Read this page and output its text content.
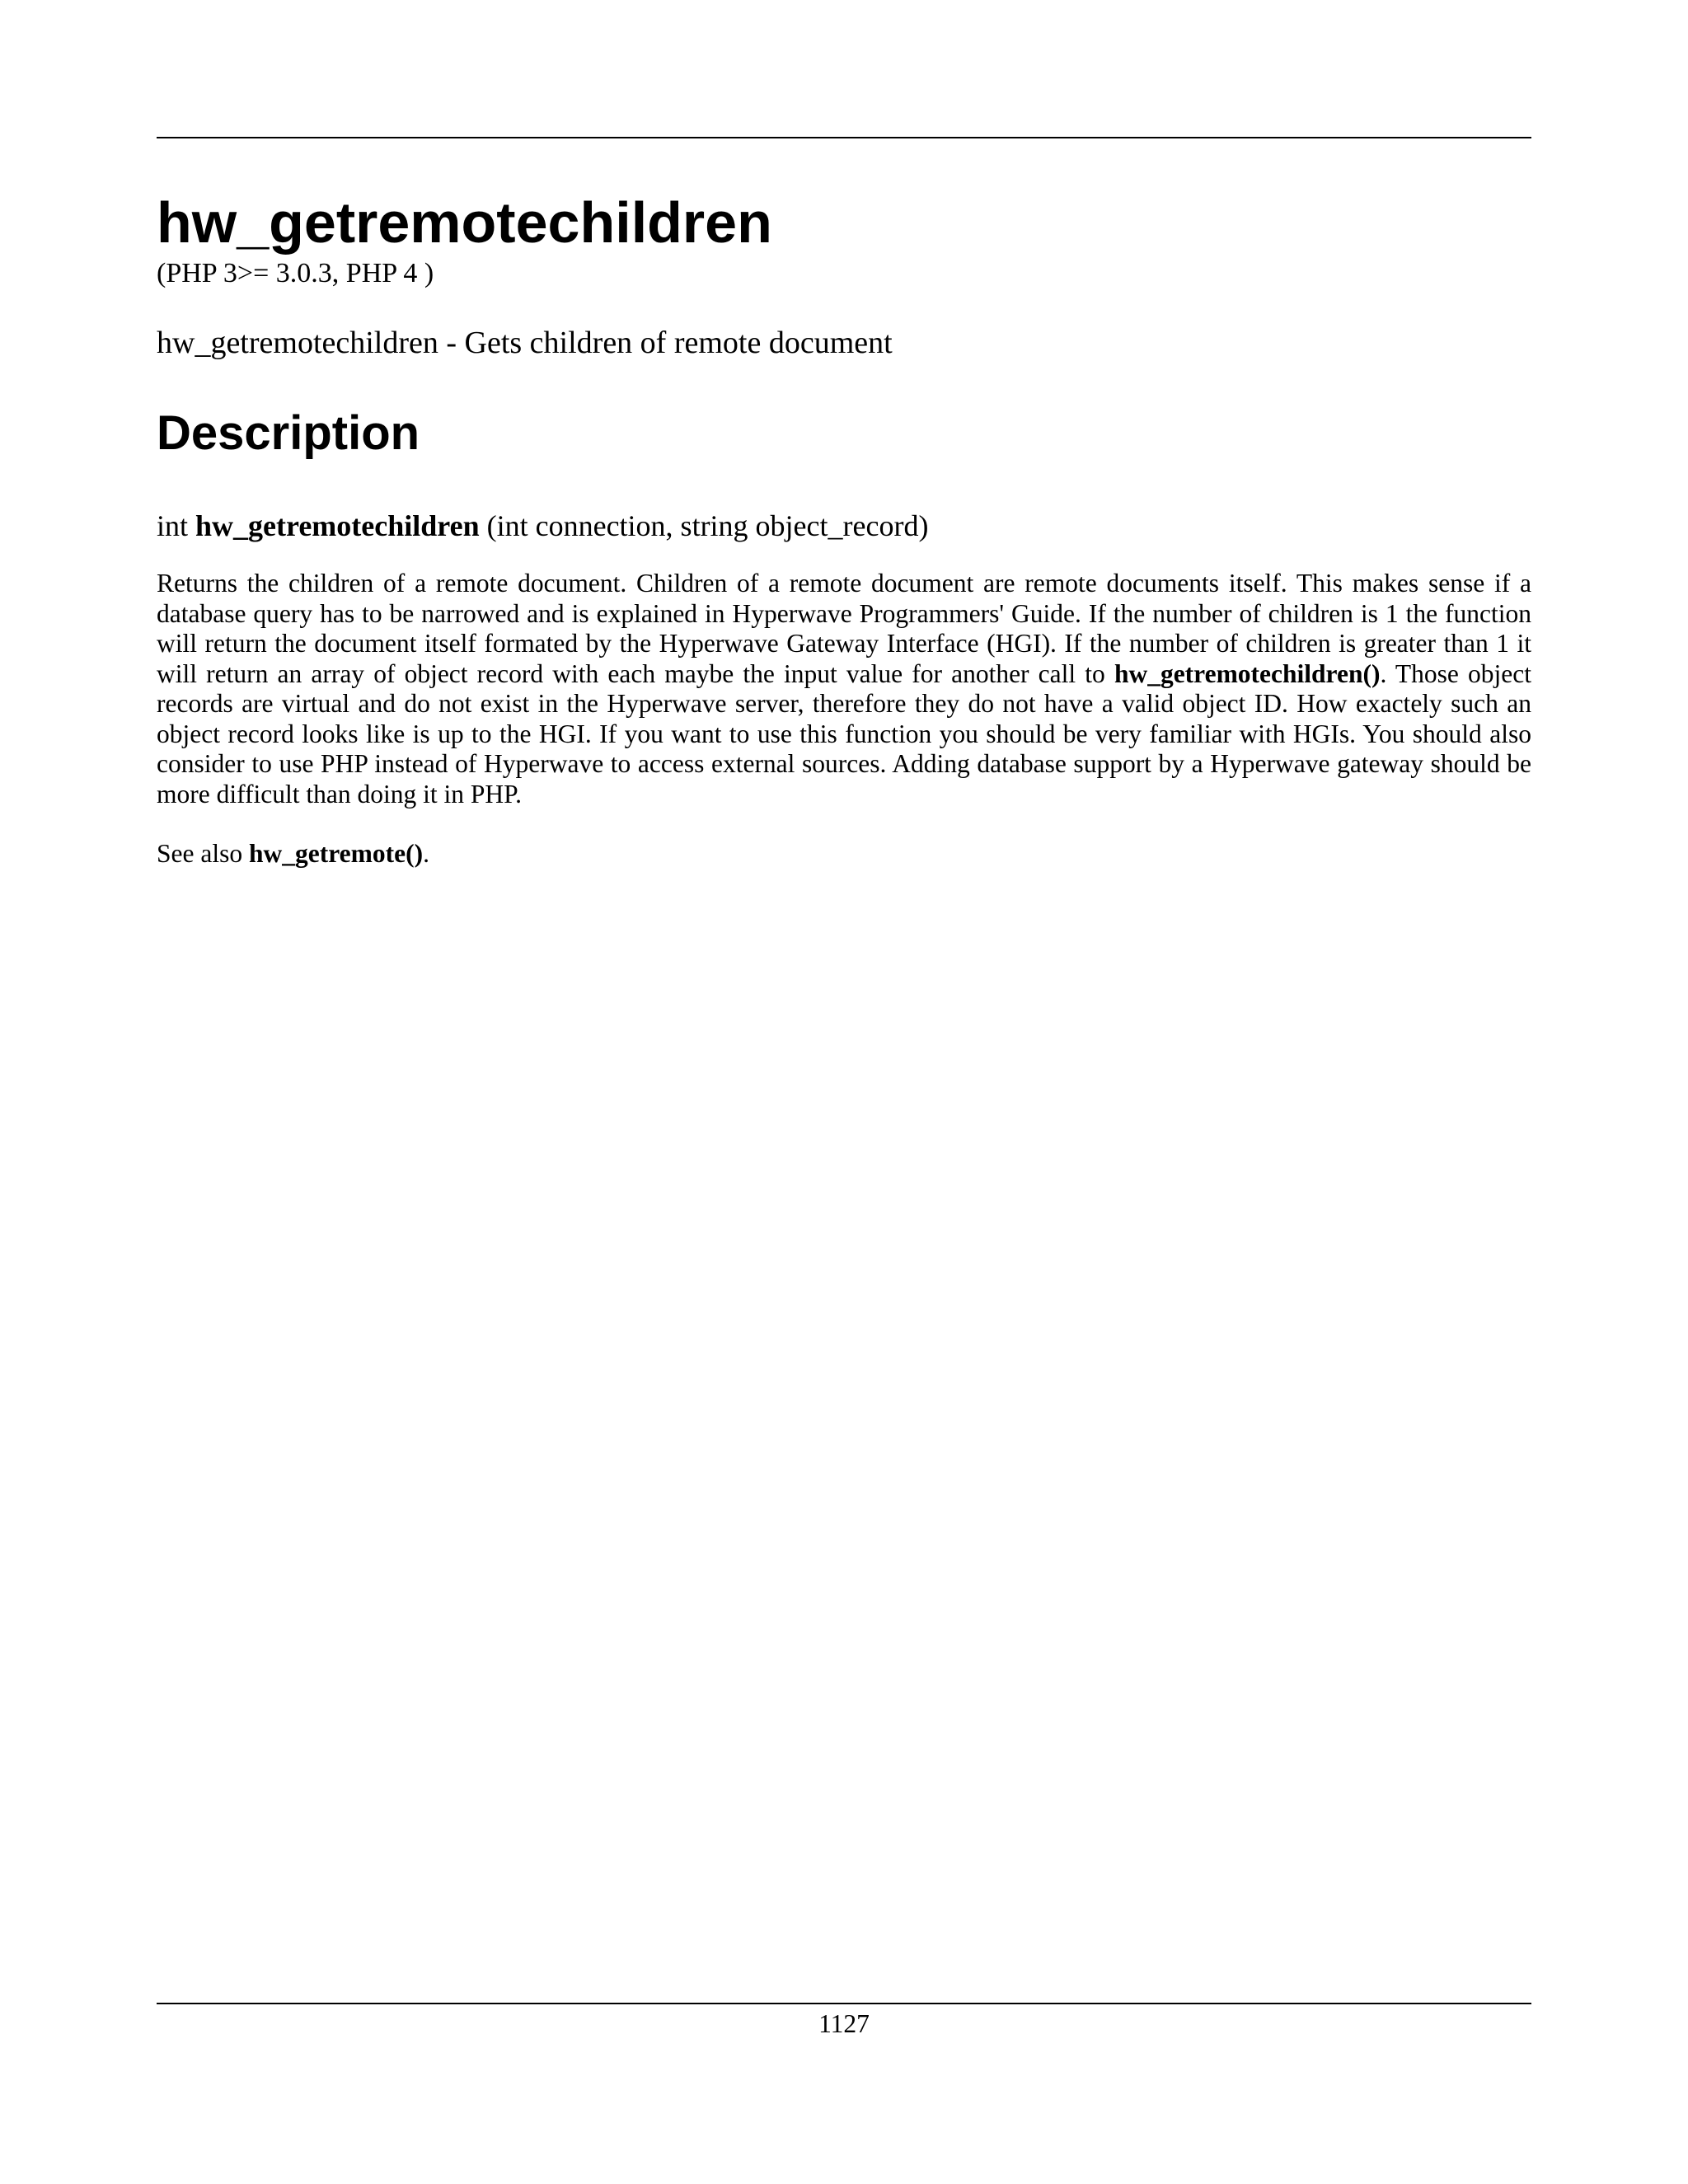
hw_getremotechildren
(PHP 3>= 3.0.3, PHP 4 )
hw_getremotechildren - Gets children of remote document
Description
int hw_getremotechildren (int connection, string object_record)

Returns the children of a remote document. Children of a remote document are remote documents itself. This makes sense if a database query has to be narrowed and is explained in Hyperwave Programmers' Guide. If the number of children is 1 the function will return the document itself formated by the Hyperwave Gateway Interface (HGI). If the number of children is greater than 1 it will return an array of object record with each maybe the input value for another call to hw_getremotechildren(). Those object records are virtual and do not exist in the Hyperwave server, therefore they do not have a valid object ID. How exactely such an object record looks like is up to the HGI. If you want to use this function you should be very familiar with HGIs. You should also consider to use PHP instead of Hyperwave to access external sources. Adding database support by a Hyperwave gateway should be more difficult than doing it in PHP.

See also hw_getremote().

1127
